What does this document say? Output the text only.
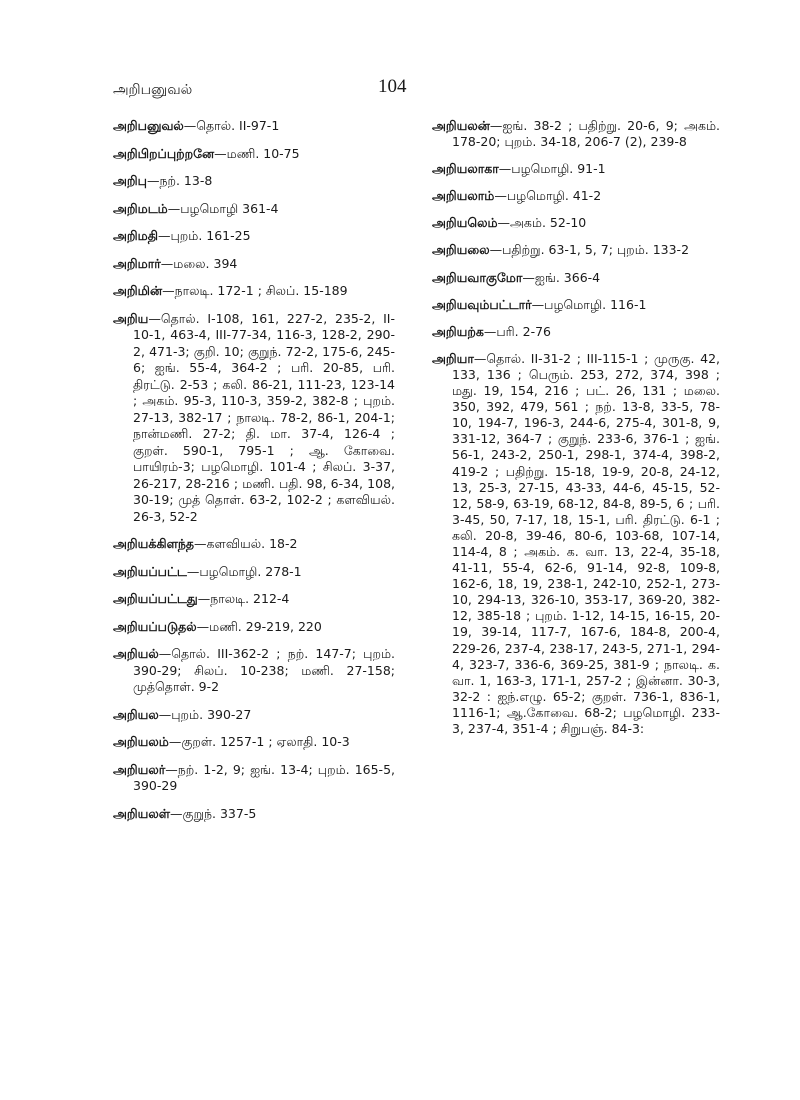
அறிபனுவல்	104
அறிபனுவல்—தொல். II-97-1
அறிபிறப்புற்றனே—மணி. 10-75
அறிபு—நற். 13-8
அறிமடம்—பழமொழி 361-4
அறிமதி—புறம். 161-25
அறிமார்—மலை. 394
அறிமின்—நாலடி. 172-1 ; சிலப். 15-189
அறிய—தொல். I-108, 161, 227-2, 235-2, II-10-1, 463-4, III-77-34, 116-3, 128-2, 290-2, 471-3; குறி. 10; குறுந். 72-2, 175-6, 245-6; ஐங். 55-4, 364-2 ; பரி. 20-85, பரி. திரட்டு. 2-53 ; கலி. 86-21, 111-23, 123-14 ; அகம். 95-3, 110-3, 359-2, 382-8 ; புறம். 27-13, 382-17 ; நாலடி. 78-2, 86-1, 204-1; நான்மணி. 27-2; தி. மா. 37-4, 126-4 ; குறள். 590-1, 795-1 ; ஆ. கோவை. பாயிரம்-3; பழமொழி. 101-4 ; சிலப். 3-37, 26-217, 28-216 ; மணி. பதி. 98, 6-34, 108, 30-19; முத் தொள். 63-2, 102-2 ; களவியல். 26-3, 52-2
அறியக்கிளந்த—களவியல். 18-2
அறியப்பட்ட—பழமொழி. 278-1
அறியப்பட்டது—நாலடி. 212-4
அறியப்படுதல்—மணி. 29-219, 220
அறியல்—தொல். III-362-2 ; நற். 147-7; புறம். 390-29; சிலப். 10-238; மணி. 27-158; முத்தொள். 9-2
அறியல—புறம். 390-27
அறியலம்—குறள். 1257-1 ; ஏலாதி. 10-3
அறியலர்—நற். 1-2, 9; ஐங். 13-4; புறம். 165-5, 390-29
அறியலள்—குறுந். 337-5
அறியலன்—ஐங். 38-2 ; பதிற்று. 20-6, 9; அகம். 178-20; புறம். 34-18, 206-7 (2), 239-8
அறியலாகா—பழமொழி. 91-1
அறியலாம்—பழமொழி. 41-2
அறியலெம்—அகம். 52-10
அறியலை—பதிற்று. 63-1, 5, 7; புறம். 133-2
அறியவாகுமோ—ஐங். 366-4
அறியவும்பட்டார்—பழமொழி. 116-1
அறியற்க—பரி. 2-76
அறியா—தொல். II-31-2 ; III-115-1 ; முருகு. 42, 133, 136 ; பெரும். 253, 272, 374, 398 ; மது. 19, 154, 216 ; பட். 26, 131 ; மலை. 350, 392, 479, 561 ; நற். 13-8, 33-5, 78-10, 194-7, 196-3, 244-6, 275-4, 301-8, 9, 331-12, 364-7 ; குறுந். 233-6, 376-1 ; ஐங். 56-1, 243-2, 250-1, 298-1, 374-4, 398-2, 419-2 ; பதிற்று. 15-18, 19-9, 20-8, 24-12, 13, 25-3, 27-15, 43-33, 44-6, 45-15, 52-12, 58-9, 63-19, 68-12, 84-8, 89-5, 6 ; பரி. 3-45, 50, 7-17, 18, 15-1, பரி. திரட்டு. 6-1 ; கலி. 20-8, 39-46, 80-6, 103-68, 107-14, 114-4, 8 ; அகம். க. வா. 13, 22-4, 35-18, 41-11, 55-4, 62-6, 91-14, 92-8, 109-8, 162-6, 18, 19, 238-1, 242-10, 252-1, 273-10, 294-13, 326-10, 353-17, 369-20, 382-12, 385-18 ; புறம். 1-12, 14-15, 16-15, 20-19, 39-14, 117-7, 167-6, 184-8, 200-4, 229-26, 237-4, 238-17, 243-5, 271-1, 294-4, 323-7, 336-6, 369-25, 381-9 ; நாலடி. க. வா. 1, 163-3, 171-1, 257-2 ; இன்னா. 30-3, 32-2 : ஐந்.எழு. 65-2; குறள். 736-1, 836-1, 1116-1; ஆ.கோவை. 68-2; பழமொழி. 233-3, 237-4, 351-4 ; சிறுபஞ். 84-3:
